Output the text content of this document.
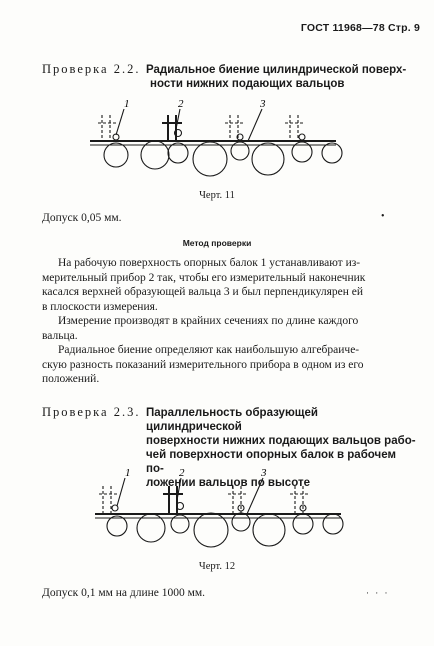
ГОСТ 11968—78 Стр. 9
Проверка 2.2. Радиальное биение цилиндрической поверх-
ности нижних подающих вальцов
1	2	3
Черт. 11
Допуск 0,05 мм.	•
Метод проверки
На рабочую поверхность опорных балок 1 устанавливают из-
мерительный прибор 2 так, чтобы его измерительный наконечник
касался верхней образующей вальца 3 и был перпендикулярен ей
в плоскости измерения.
Измерение производят в крайних сечениях по длине каждого
вальца.
Радиальное биение определяют как наибольшую алгебраиче-
скую разность показаний измерительного прибора в одном из его
положений.
Проверка 2.3. Параллельность образующей цилиндрической
поверхности нижних подающих вальцов рабо-
чей поверхности опорных балок в рабочем по-
ложении вальцов по высоте
1	2	3
Черт. 12
Допуск 0,1 мм на длине 1000 мм.	· · ·
